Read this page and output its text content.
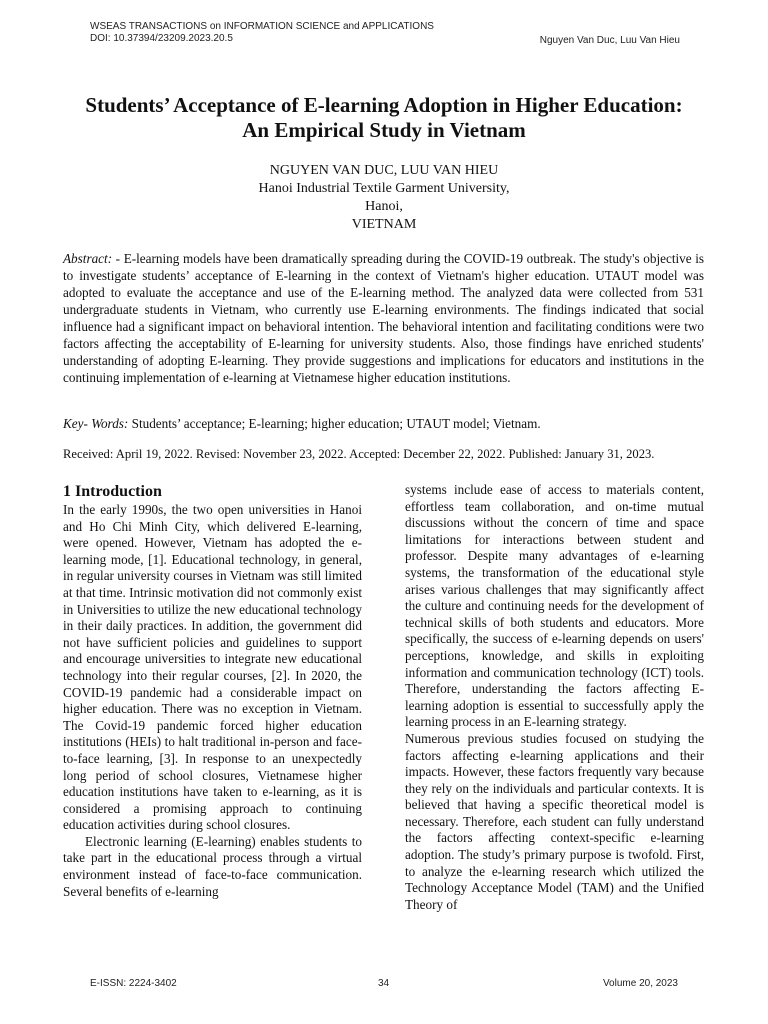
WSEAS TRANSACTIONS on INFORMATION SCIENCE and APPLICATIONS
DOI: 10.37394/23209.2023.20.5	Nguyen Van Duc, Luu Van Hieu
Students’ Acceptance of E-learning Adoption in Higher Education: An Empirical Study in Vietnam
NGUYEN VAN DUC, LUU VAN HIEU
Hanoi Industrial Textile Garment University,
Hanoi,
VIETNAM
Abstract: - E-learning models have been dramatically spreading during the COVID-19 outbreak. The study's objective is to investigate students’ acceptance of E-learning in the context of Vietnam's higher education. UTAUT model was adopted to evaluate the acceptance and use of the E-learning method. The analyzed data were collected from 531 undergraduate students in Vietnam, who currently use E-learning environments. The findings indicated that social influence had a significant impact on behavioral intention. The behavioral intention and facilitating conditions were two factors affecting the acceptability of E-learning for university students. Also, those findings have enriched students' understanding of adopting E-learning. They provide suggestions and implications for educators and institutions in the continuing implementation of e-learning at Vietnamese higher education institutions.
Key- Words: Students’ acceptance; E-learning; higher education; UTAUT model; Vietnam.
Received: April 19, 2022. Revised: November 23, 2022. Accepted: December 22, 2022. Published: January 31, 2023.
1 Introduction

In the early 1990s, the two open universities in Hanoi and Ho Chi Minh City, which delivered E-learning, were opened. However, Vietnam has adopted the e-learning mode, [1]. Educational technology, in general, in regular university courses in Vietnam was still limited at that time. Intrinsic motivation did not commonly exist in Universities to utilize the new educational technology in their daily practices. In addition, the government did not have sufficient policies and guidelines to support and encourage universities to integrate new educational technology into their regular courses, [2]. In 2020, the COVID-19 pandemic had a considerable impact on higher education. There was no exception in Vietnam. The Covid-19 pandemic forced higher education institutions (HEIs) to halt traditional in-person and face-to-face learning, [3]. In response to an unexpectedly long period of school closures, Vietnamese higher education institutions have taken to e-learning, as it is considered a promising approach to continuing education activities during school closures.

Electronic learning (E-learning) enables students to take part in the educational process through a virtual environment instead of face-to-face communication. Several benefits of e-learning

systems include ease of access to materials content, effortless team collaboration, and on-time mutual discussions without the concern of time and space limitations for interactions between student and professor. Despite many advantages of e-learning systems, the transformation of the educational style arises various challenges that may significantly affect the culture and continuing needs for the development of technical skills of both students and educators. More specifically, the success of e-learning depends on users' perceptions, knowledge, and skills in exploiting information and communication technology (ICT) tools. Therefore, understanding the factors affecting E-learning adoption is essential to successfully apply the learning process in an E-learning strategy.

Numerous previous studies focused on studying the factors affecting e-learning applications and their impacts. However, these factors frequently vary because they rely on the individuals and particular contexts. It is believed that having a specific theoretical model is necessary. Therefore, each student can fully understand the factors affecting context-specific e-learning adoption. The study’s primary purpose is twofold. First, to analyze the e-learning research which utilized the Technology Acceptance Model (TAM) and the Unified Theory of

E-ISSN: 2224-3402	34	Volume 20, 2023
